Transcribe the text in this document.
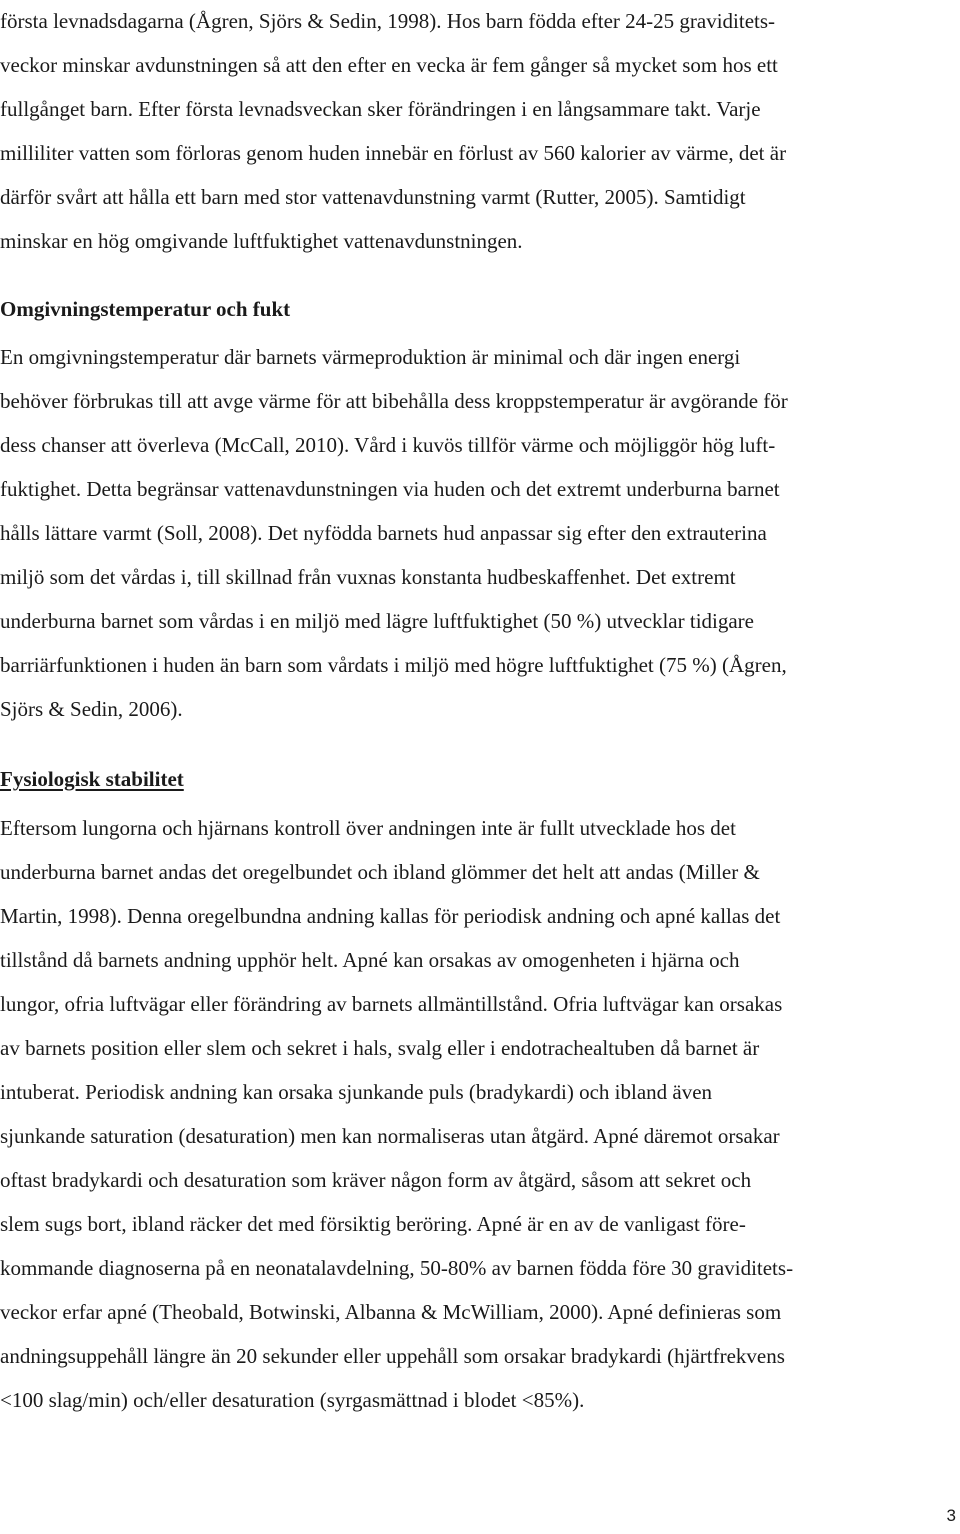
första levnadsdagarna (Ågren, Sjörs & Sedin, 1998). Hos barn födda efter 24-25 graviditets-
veckor minskar avdunstningen så att den efter en vecka är fem gånger så mycket som hos ett
fullgånget barn. Efter första levnadsveckan sker förändringen i en långsammare takt. Varje
milliliter vatten som förloras genom huden innebär en förlust av 560 kalorier av värme, det är
därför svårt att hålla ett barn med stor vattenavdunstning varmt (Rutter, 2005). Samtidigt
minskar en hög omgivande luftfuktighet vattenavdunstningen.

Omgivningstemperatur och fukt

En omgivningstemperatur där barnets värmeproduktion är minimal och där ingen energi
behöver förbrukas till att avge värme för att bibehålla dess kroppstemperatur är avgörande för
dess chanser att överleva (McCall, 2010). Vård i kuvös tillför värme och möjliggör hög luft-
fuktighet. Detta begränsar vattenavdunstningen via huden och det extremt underburna barnet
hålls lättare varmt (Soll, 2008). Det nyfödda barnets hud anpassar sig efter den extrauterina
miljö som det vårdas i, till skillnad från vuxnas konstanta hudbeskaffenhet. Det extremt
underburna barnet som vårdas i en miljö med lägre luftfuktighet (50 %) utvecklar tidigare
barriärfunktionen i huden än barn som vårdats i miljö med högre luftfuktighet (75 %) (Ågren,
Sjörs & Sedin, 2006).

Fysiologisk stabilitet

Eftersom lungorna och hjärnans kontroll över andningen inte är fullt utvecklade hos det
underburna barnet andas det oregelbundet och ibland glömmer det helt att andas (Miller &
Martin, 1998). Denna oregelbundna andning kallas för periodisk andning och apné kallas det
tillstånd då barnets andning upphör helt. Apné kan orsakas av omogenheten i hjärna och
lungor, ofria luftvägar eller förändring av barnets allmäntillstånd. Ofria luftvägar kan orsakas
av barnets position eller slem och sekret i hals, svalg eller i endotrachealtuben då barnet är
intuberat. Periodisk andning kan orsaka sjunkande puls (bradykardi) och ibland även
sjunkande saturation (desaturation) men kan normaliseras utan åtgärd. Apné däremot orsakar
oftast bradykardi och desaturation som kräver någon form av åtgärd, såsom att sekret och
slem sugs bort, ibland räcker det med försiktig beröring. Apné är en av de vanligast före-
kommande diagnoserna på en neonatalavdelning, 50-80% av barnen födda före 30 graviditets-
veckor erfar apné (Theobald, Botwinski, Albanna & McWilliam, 2000). Apné definieras som
andningsuppehåll längre än 20 sekunder eller uppehåll som orsakar bradykardi (hjärtfrekvens
<100 slag/min) och/eller desaturation (syrgasmättnad i blodet <85%).

3
